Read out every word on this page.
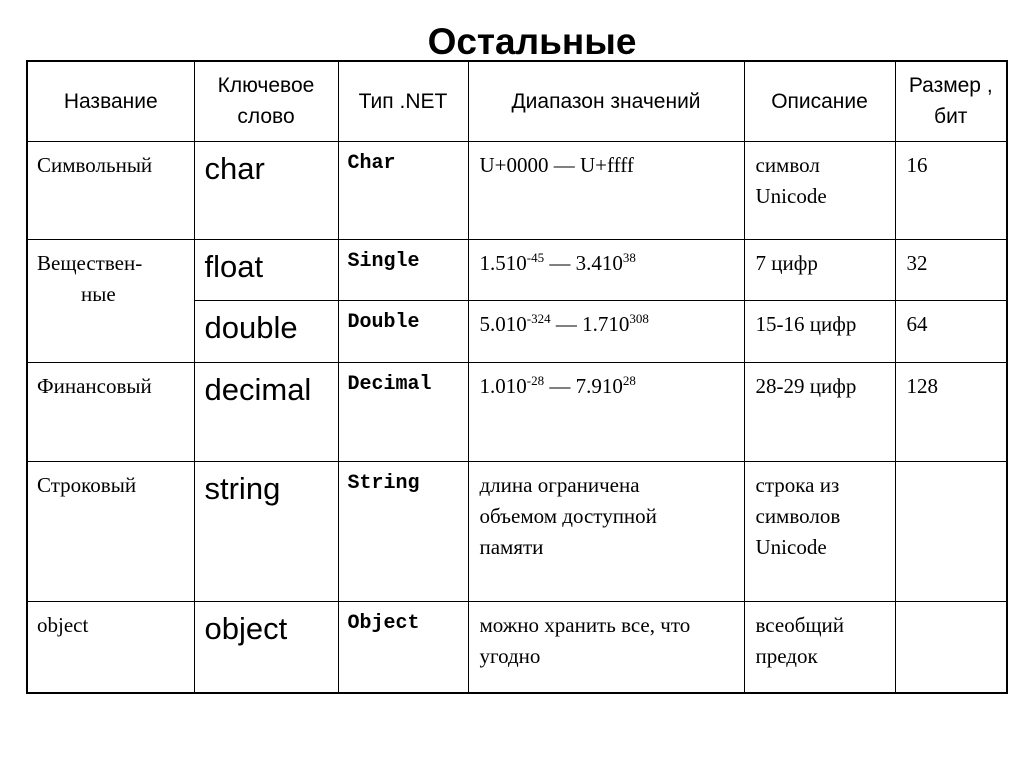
Остальные
Название	Ключевое слово	Тип .NET	Диапазон значений	Описание	Размер , бит
Символьный	char	Char	U+0000 — U+ffff	символ Unicode	16

Веществен-
ные	float	Single	$1.510^{-45}$ — 3.410$^{38}$	7 цифр	32
	double	Double	$5.010^{-324}$ — 1.710$^{308}$	15-16 цифр	64
Финансовый	decimal	Decimal	$1.010^{-28}$ — 7.910$^{28}$	28-29 цифр	128
Строковый	string	String	длина ограничена объемом доступной памяти	строка из символов Unicode	

object	object	Object	можно хранить все, что угодно	всеобщий предок	
